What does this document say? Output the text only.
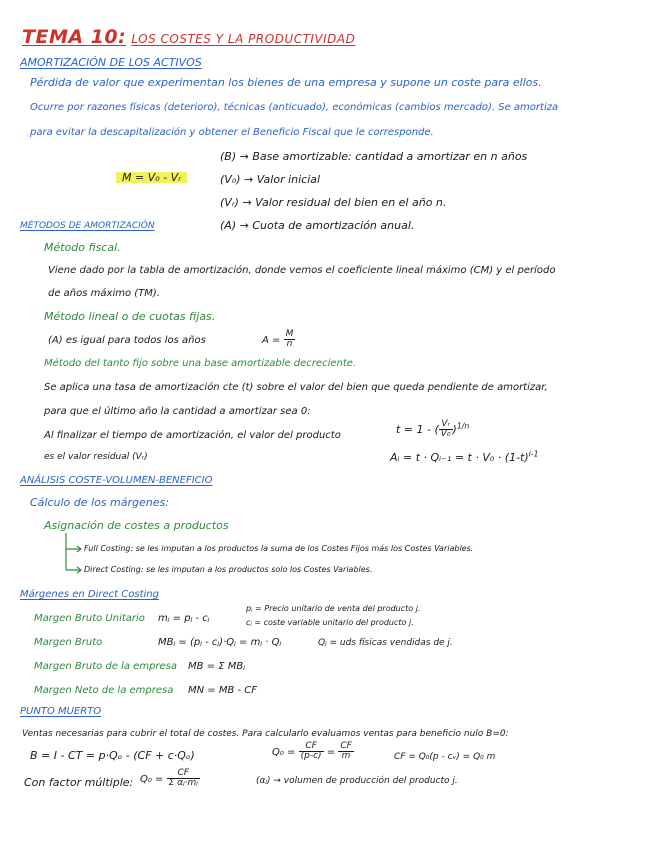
TEMA 10: LOS COSTES Y LA PRODUCTIVIDAD
AMORTIZACIÓN DE LOS ACTIVOS
Pérdida de valor que experimentan los bienes de una empresa y supone un coste para ellos.
Ocurre por razones físicas (deterioro), técnicas (anticuado), económicas (cambios mercado). Se amortiza
para evitar la descapitalización y obtener el Beneficio Fiscal que le corresponde.
M = V₀ - Vᵣ
(B) → Base amortizable: cantidad a amortizar en n años
(V₀) → Valor inicial
(Vᵣ) → Valor residual del bien en el año n.
(A) → Cuota de amortización anual.
MÉTODOS DE AMORTIZACIÓN
Método fiscal.
Viene dado por la tabla de amortización, donde vemos el coeficiente lineal máximo (CM) y el período
de años máximo (TM).
Método lineal o de cuotas fijas.
(A) es igual para todos los años	$A = \frac{M}{n}$
Método del tanto fijo sobre una base amortizable decreciente.
Se aplica una tasa de amortización cte (t) sobre el valor del bien que queda pendiente de amortizar,
para que el último año la cantidad a amortizar sea 0:
Al finalizar el tiempo de amortización, el valor del producto
es el valor residual (Vᵣ)
t = 1 - ( $\frac{\text{Vᵣ}}{\text{V₀}} )^{1/n}$
Aᵢ = t · Qᵢ₋₁ = $t \cdot V_0 \cdot (1-t)^{i-1}$
ANÁLISIS COSTE-VOLUMEN-BENEFICIO
Cálculo de los márgenes:
Asignación de costes a productos
Full Costing: se les imputan a los productos la suma de los Costes Fijos más los Costes Variables.
Direct Costing: se les imputan a los productos solo los Costes Variables.
Márgenes en Direct Costing
Margen Bruto Unitario mⱼ = pⱼ - cⱼ
pⱼ = Precio unitario de venta del producto j.
cⱼ = coste variable unitario del producto j.
Margen Bruto	MBⱼ = (pⱼ - cⱼ)·Qⱼ = mⱼ · Qⱼ	Qⱼ = uds físicas vendidas de j.
Margen Bruto de la empresa MB = Σ MBⱼ
Margen Neto de la empresa MN = MB - CF
PUNTO MUERTO
Ventas necesarias para cubrir el total de costes. Para calcularlo evaluamos ventas para beneficio nulo B=0:
B = I - CT = p·Qₒ - (CF + c·Qₒ)	$Q_0 = \frac{CF}{(p-c)} = \frac{CF}{m}$	CF = Q₀(p - cᵥ) = Q₀ m
Con factor múltiple: $Q_0 = \frac{CF}{\text{Σ αⱼ·mⱼ}}$	(αⱼ) → volumen de producción del producto j.
